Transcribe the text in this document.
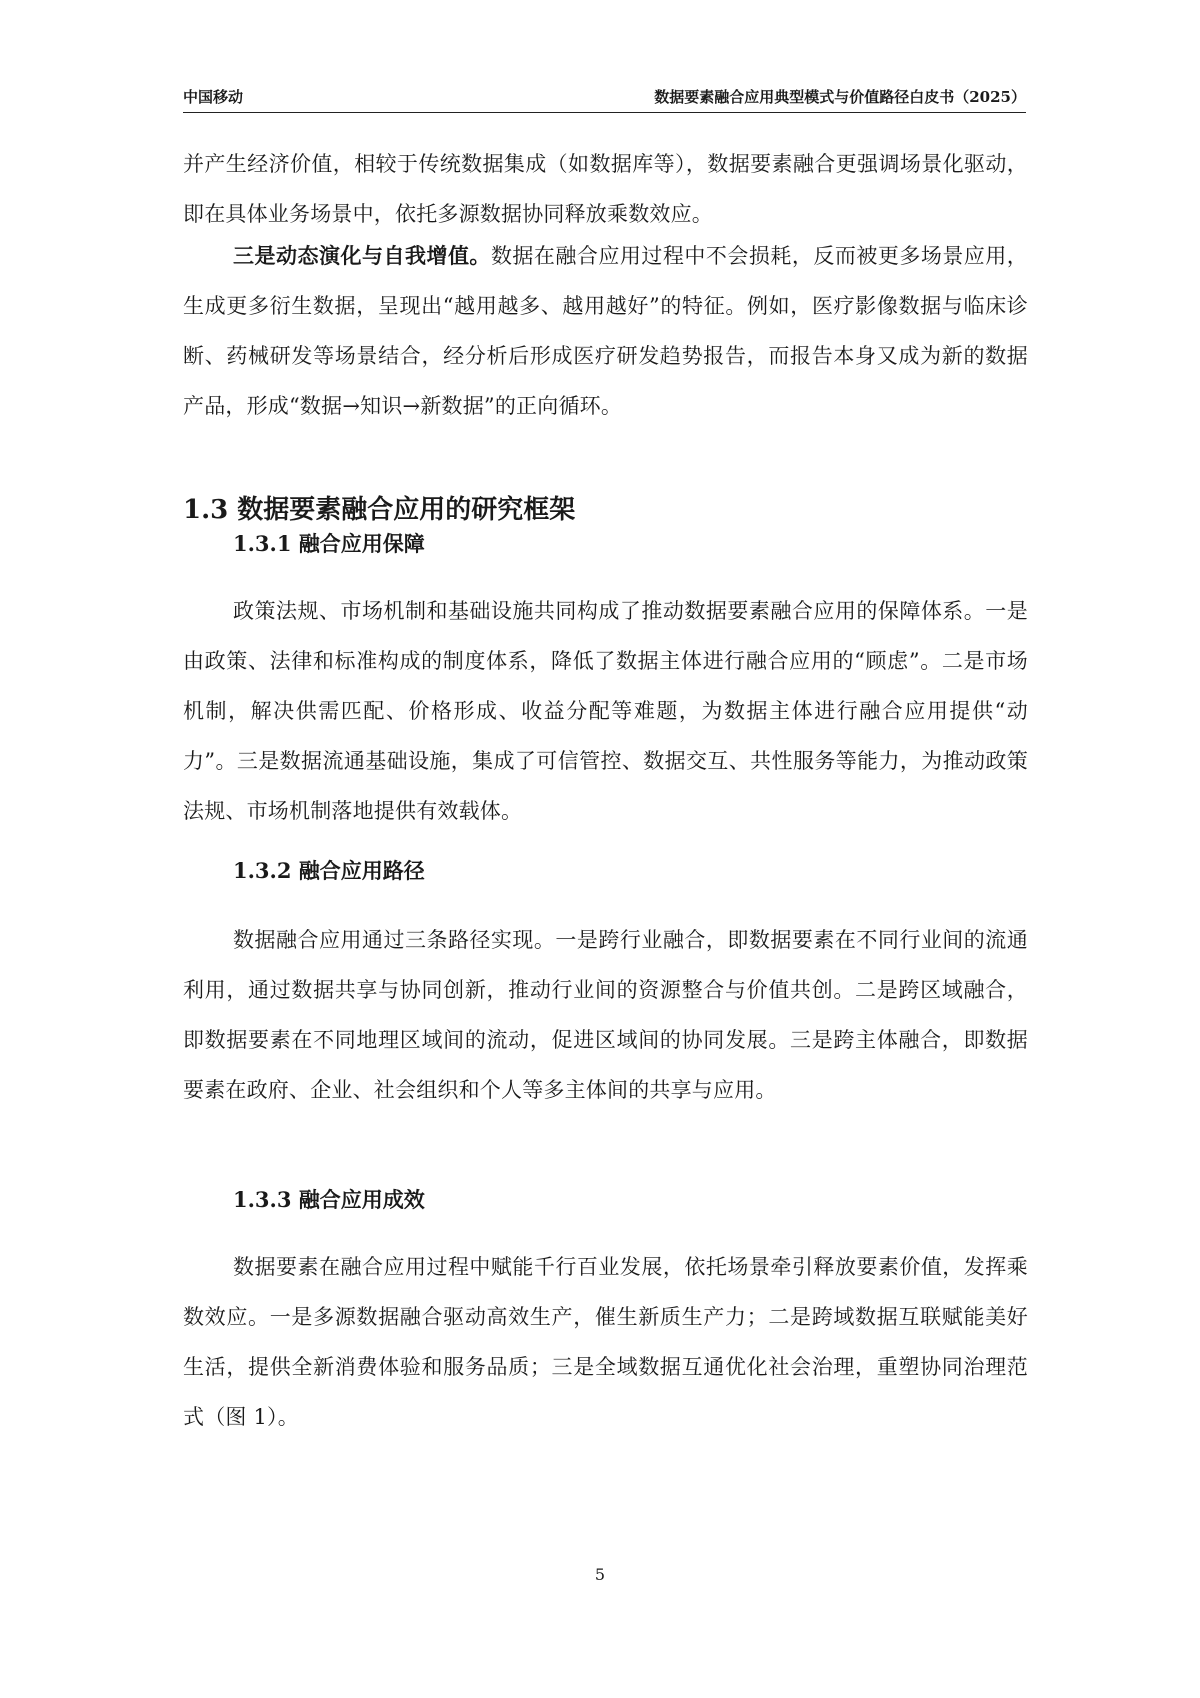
中国移动	数据要素融合应用典型模式与价值路径白皮书（2025）

并产生经济价值，相较于传统数据集成（如数据库等），数据要素融合更强调场景化驱动，即在具体业务场景中，依托多源数据协同释放乘数效应。

三是动态演化与自我增值。数据在融合应用过程中不会损耗，反而被更多场景应用，生成更多衍生数据，呈现出“越用越多、越用越好”的特征。例如，医疗影像数据与临床诊断、药械研发等场景结合，经分析后形成医疗研发趋势报告，而报告本身又成为新的数据产品，形成“数据→知识→新数据”的正向循环。

1.3 数据要素融合应用的研究框架
1.3.1 融合应用保障

政策法规、市场机制和基础设施共同构成了推动数据要素融合应用的保障体系。一是由政策、法律和标准构成的制度体系，降低了数据主体进行融合应用的“顾虑”。二是市场机制，解决供需匹配、价格形成、收益分配等难题，为数据主体进行融合应用提供“动力”。三是数据流通基础设施，集成了可信管控、数据交互、共性服务等能力，为推动政策法规、市场机制落地提供有效载体。

1.3.2 融合应用路径

数据融合应用通过三条路径实现。一是跨行业融合，即数据要素在不同行业间的流通利用，通过数据共享与协同创新，推动行业间的资源整合与价值共创。二是跨区域融合，即数据要素在不同地理区域间的流动，促进区域间的协同发展。三是跨主体融合，即数据要素在政府、企业、社会组织和个人等多主体间的共享与应用。

1.3.3 融合应用成效

数据要素在融合应用过程中赋能千行百业发展，依托场景牵引释放要素价值，发挥乘数效应。一是多源数据融合驱动高效生产，催生新质生产力；二是跨域数据互联赋能美好生活，提供全新消费体验和服务品质；三是全域数据互通优化社会治理，重塑协同治理范式（图 1）。

5
